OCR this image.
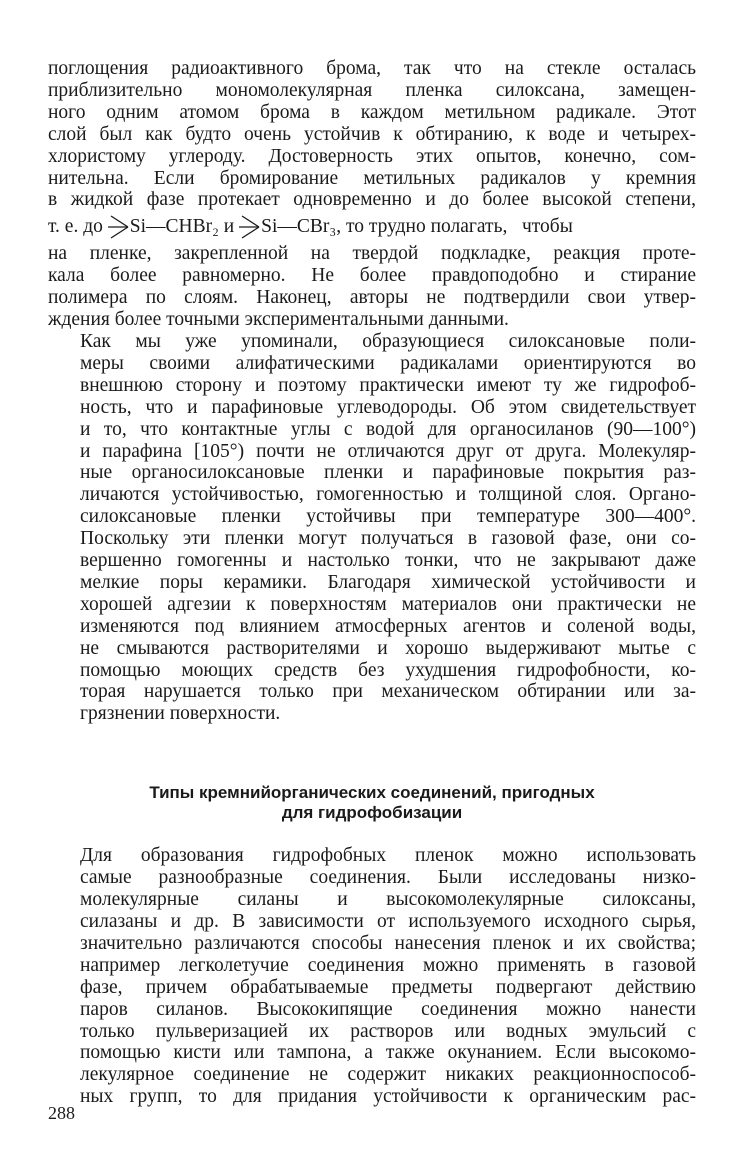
поглощения радиоактивного брома, так что на стекле осталась
приблизительно мономолекулярная пленка силоксана, замещен-
ного одним атомом брома в каждом метильном радикале. Этот
слой был как будто очень устойчив к обтиранию, к воде и четырех-
хлористому углероду. Достоверность этих опытов, конечно, сом-
нительна. Если бромирование метильных радикалов у кремния
в жидкой фазе протекает одновременно и до более высокой степени,
т. е. до Si—CHBr₂ и Si—CBr₃ , то трудно полагать,   чтобы
на пленке, закрепленной на твердой подкладке, реакция проте-
кала более равномерно. Не более правдоподобно и стирание
полимера по слоям. Наконец, авторы не подтвердили свои утвер-
ждения более точными экспериментальными данными.

Как мы уже упоминали, образующиеся силоксановые поли-
меры своими алифатическими радикалами ориентируются во
внешнюю сторону и поэтому практически имеют ту же гидрофоб-
ность, что и парафиновые углеводороды. Об этом свидетельствует
и то, что контактные углы с водой для органосиланов (90—100°)
и парафина [105°) почти не отличаются друг от друга. Молекуляр-
ные органосилоксановые пленки и парафиновые покрытия раз-
личаются устойчивостью, гомогенностью и толщиной слоя. Органо-
силоксановые пленки устойчивы при температуре 300—400°.
Поскольку эти пленки могут получаться в газовой фазе, они со-
вершенно гомогенны и настолько тонки, что не закрывают даже
мелкие поры керамики. Благодаря химической устойчивости и
хорошей адгезии к поверхностям материалов они практически не
изменяются под влиянием атмосферных агентов и соленой воды,
не смываются растворителями и хорошо выдерживают мытье с
помощью моющих средств без ухудшения гидрофобности, ко-
торая нарушается только при механическом обтирании или за-
грязнении поверхности.

Типы кремнийорганических соединений, пригодных
для гидрофобизации

Для образования гидрофобных пленок можно использовать
самые разнообразные соединения. Были исследованы низко-
молекулярные силаны и высокомолекулярные силоксаны,
силазаны и др. В зависимости от используемого исходного сырья,
значительно различаются способы нанесения пленок и их свойства;
например легколетучие соединения можно применять в газовой
фазе, причем обрабатываемые предметы подвергают действию
паров силанов. Высококипящие соединения можно нанести
только пульверизацией их растворов или водных эмульсий с
помощью кисти или тампона, а также окунанием. Если высокомо-
лекулярное соединение не содержит никаких реакционноспособ-
ных групп, то для придания устойчивости к органическим рас-

288
